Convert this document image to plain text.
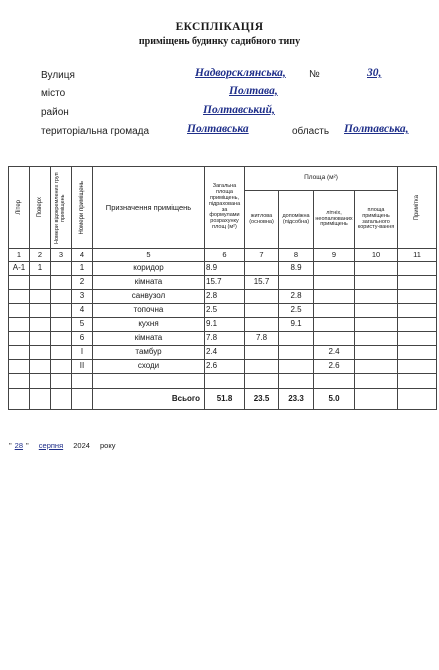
ЕКСПЛІКАЦІЯ
приміщень будинку садибного типу
Вулиця	Надворсклянська, №	30,
місто	Полтава,
район	Полтавський,
територіальна громада	Полтавська	область Полтавська,
Літер	Поверх	Номери відокремлених груп приміщень	Номери приміщень	Призначення приміщень	Загальна площа приміщень, підрахована за формулами розрахунку площ (м²)	Площа (м²)				Примітка

						житлова (основна)	допоміжна (підсобна)	літніх, неопалюваних приміщень	площа приміщень загального користу-вання	
1	2	3	4	5	6	7	8	9	10	11
А-1	1		1	коридор	8.9		8.9			
			2	кімната	15.7	15.7				
			3	санвузол	2.8		2.8			
			4	топочна	2.5		2.5			
			5	кухня	9.1		9.1			
			6	кімната	7.8	7.8				
			I	тамбур	2.4			2.4		
			II	сходи	2.6			2.6		

				Всього	51.8	23.5	23.3	5.0		
" 28 " серпня 2024 року
